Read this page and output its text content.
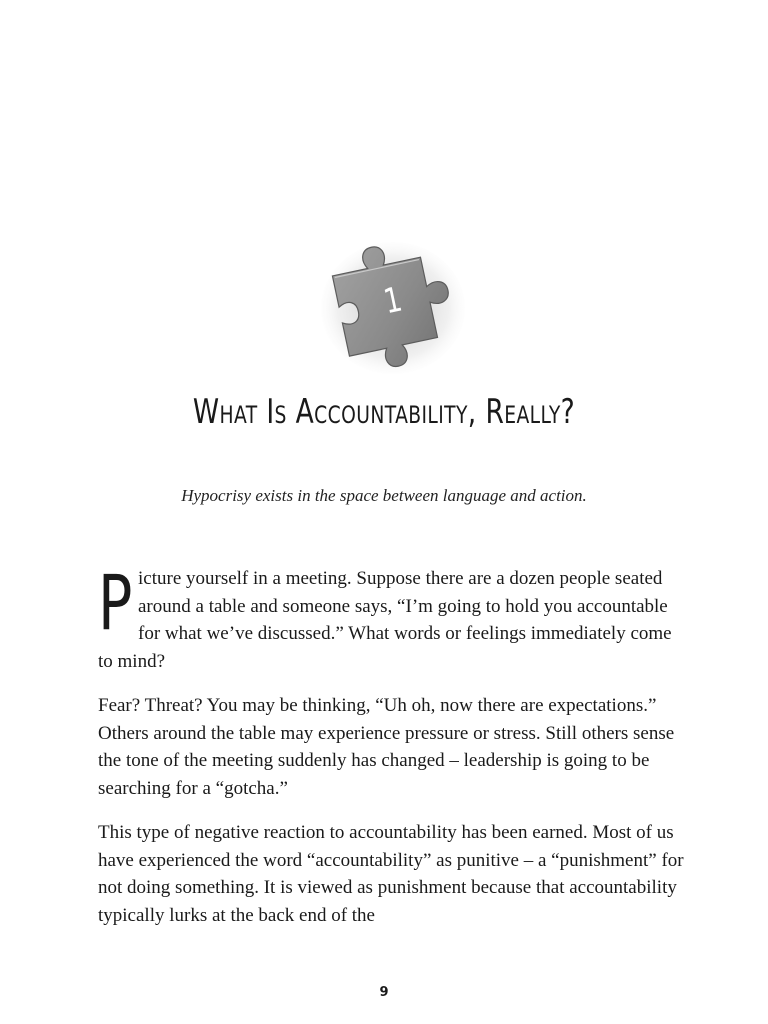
1
What Is Accountability, Really?

Hypocrisy exists in the space between language and action.

P icture yourself in a meeting. Suppose there are a dozen people seated around a table and someone says, “I’m going to hold you accountable for what we’ve discussed.” What words or feelings immediately come to mind?

Fear? Threat? You may be thinking, “Uh oh, now there are expectations.” Others around the table may experience pressure or stress. Still others sense the tone of the meeting suddenly has changed – leadership is going to be searching for a “gotcha.”

This type of negative reaction to accountability has been earned. Most of us have experienced the word “accountability” as punitive – a “punishment” for not doing something. It is viewed as punishment because that accountability typically lurks at the back end of the

9
